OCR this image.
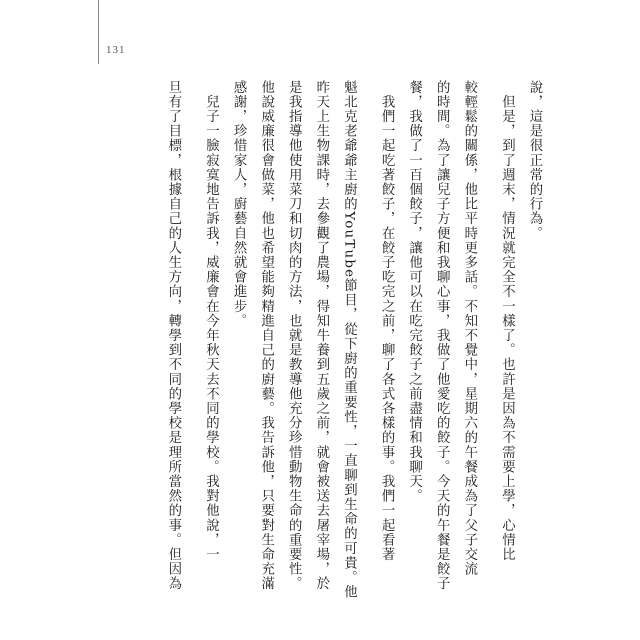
131
說，這是很正常的行為。
　但是，到了週末，情況就完全不一樣了。也許是因為不需要上學，心情比
較輕鬆的關係，他比平時更多話。不知不覺中，星期六的午餐成為了父子交流
的時間。為了讓兒子方便和我聊心事，我做了他愛吃的餃子。今天的午餐是餃子
餐，我做了一百個餃子，讓他可以在吃完餃子之前盡情和我聊天。
　我們一起吃著餃子，在餃子吃完之前，聊了各式各樣的事。我們一起看著
魁北克老爺爺主廚的YouTube節目，從下廚的重要性，一直聊到生命的可貴。他
昨天上生物課時，去參觀了農場，得知牛養到五歲之前，就會被送去屠宰場，於
是我指導他使用菜刀和切肉的方法，也就是教導他充分珍惜動物生命的重要性。
他說威廉很會做菜，他也希望能夠精進自己的廚藝。我告訴他，只要對生命充滿
感謝，珍惜家人，廚藝自然就會進步。
　兒子一臉寂寞地告訴我，威廉會在今年秋天去不同的學校。我對他說，一
旦有了目標，根據自己的人生方向，轉學到不同的學校是理所當然的事。但因為
